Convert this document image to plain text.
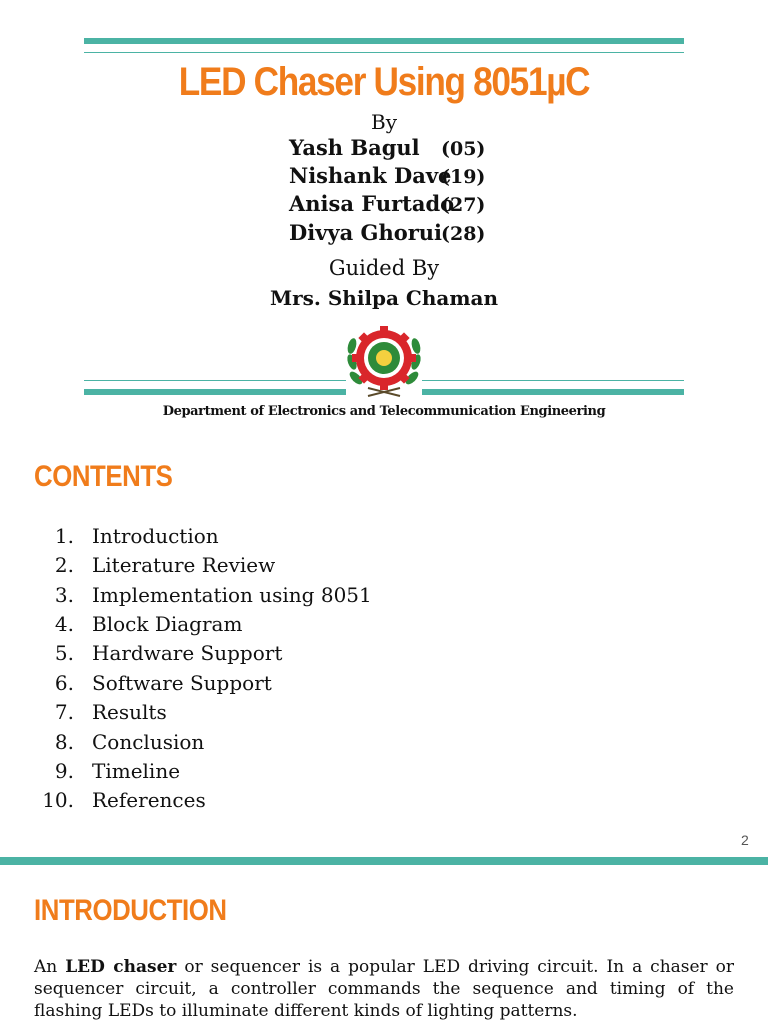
LED Chaser Using 8051µC
By
Yash Bagul (05)
Nishank Dave
(19)
Anisa Furtado
(27)
Divya Ghorui
(28)
Guided By
Mrs. Shilpa Chaman
Department of Electronics and Telecommunication Engineering
CONTENTS
1. Introduction
2. Literature Review
3. Implementation using 8051
4. Block Diagram
5. Hardware Support
6. Software Support
7. Results
8. Conclusion
9. Timeline
10. References
2
INTRODUCTION

An LED chaser or sequencer is a popular LED driving circuit. In a chaser or sequencer circuit, a controller commands the sequence and timing of the flashing LEDs to illuminate different kinds of lighting patterns.
